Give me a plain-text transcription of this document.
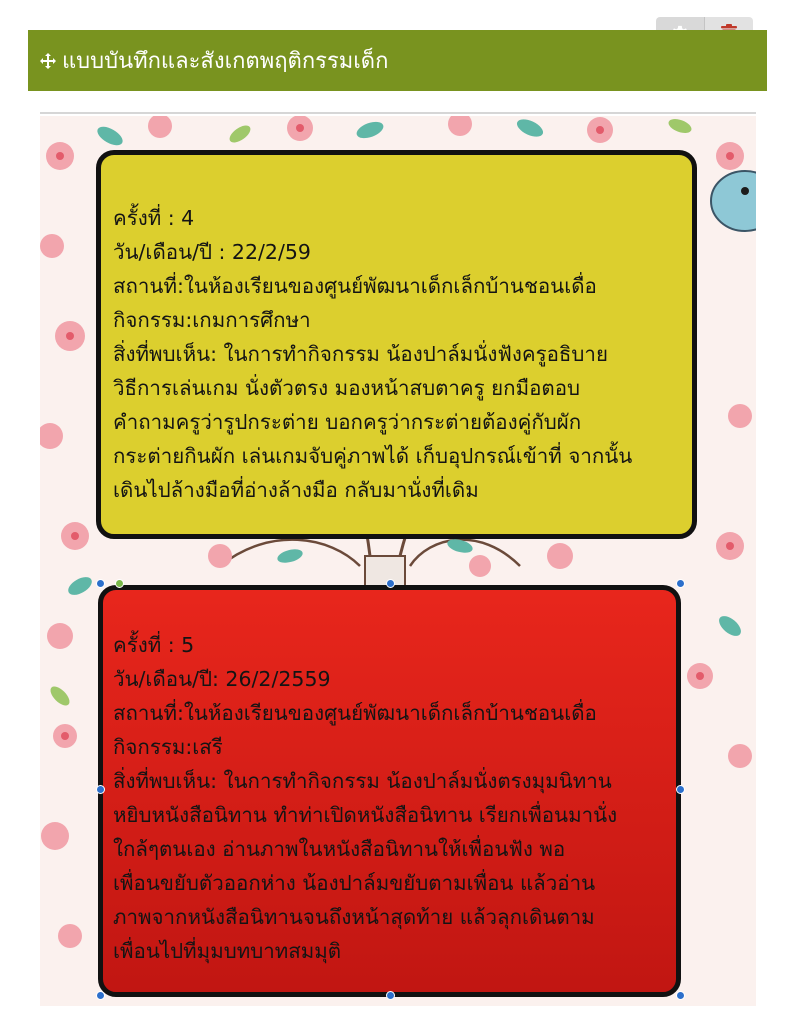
แบบบันทึกและสังเกตพฤติกรรมเด็ก
ครั้งที่ : 4
วัน/เดือน/ปี : 22/2/59
สถานที่:ในห้องเรียนของศูนย์พัฒนาเด็กเล็กบ้านชอนเดื่อ
กิจกรรม:เกมการศึกษา
สิ่งที่พบเห็น: ในการทำกิจกรรม น้องปาล์มนั่งฟังครูอธิบาย
วิธีการเล่นเกม นั่งตัวตรง มองหน้าสบตาครู ยกมือตอบ
คำถามครูว่ารูปกระต่าย บอกครูว่ากระต่ายต้องคู่กับผัก
กระต่ายกินผัก เล่นเกมจับคู่ภาพได้ เก็บอุปกรณ์เข้าที่ จากนั้น
เดินไปล้างมือที่อ่างล้างมือ กลับมานั่งที่เดิม
ครั้งที่ : 5
วัน/เดือน/ปี: 26/2/2559
สถานที่:ในห้องเรียนของศูนย์พัฒนาเด็กเล็กบ้านชอนเดื่อ
กิจกรรม:เสรี
สิ่งที่พบเห็น: ในการทำกิจกรรม น้องปาล์มนั่งตรงมุมนิทาน
หยิบหนังสือนิทาน ทำท่าเปิดหนังสือนิทาน เรียกเพื่อนมานั่ง
ใกล้ๆตนเอง อ่านภาพในหนังสือนิทานให้เพื่อนฟัง พอ
เพื่อนขยับตัวออกห่าง น้องปาล์มขยับตามเพื่อน แล้วอ่าน
ภาพจากหนังสือนิทานจนถึงหน้าสุดท้าย แล้วลุกเดินตาม
เพื่อนไปที่มุมบทบาทสมมุติ
